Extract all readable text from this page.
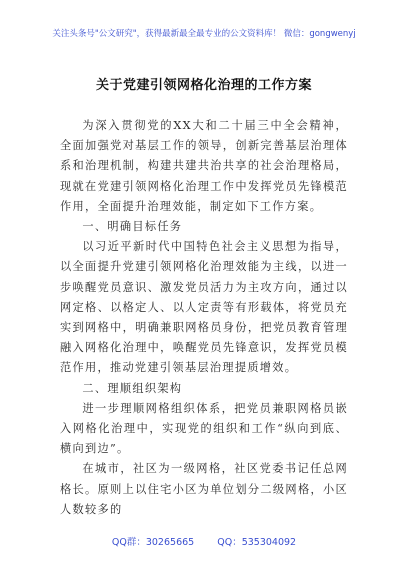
关注头条号"公文研究"，获得最新最全最专业的公文资料库！ 微信：gongwenyj
关于党建引领网格化治理的工作方案

为深入贯彻党的XX大和二十届三中全会精神，全面加强党对基层工作的领导，创新完善基层治理体系和治理机制，构建共建共治共享的社会治理格局，现就在党建引领网格化治理工作中发挥党员先锋模范作用，全面提升治理效能，制定如下工作方案。

一、明确目标任务

以习近平新时代中国特色社会主义思想为指导，以全面提升党建引领网格化治理效能为主线，以进一步唤醒党员意识、激发党员活力为主攻方向，通过以网定格、以格定人、以人定责等有形载体，将党员充实到网格中，明确兼职网格员身份，把党员教育管理融入网格化治理中，唤醒党员先锋意识，发挥党员模范作用，推动党建引领基层治理提质增效。

二、理顺组织架构

进一步理顺网格组织体系，把党员兼职网格员嵌入网格化治理中，实现党的组织和工作“纵向到底、横向到边”。

在城市，社区为一级网格，社区党委书记任总网格长。原则上以住宅小区为单位划分二级网格，小区人数较多的

QQ群：30265665 QQ：535304092
